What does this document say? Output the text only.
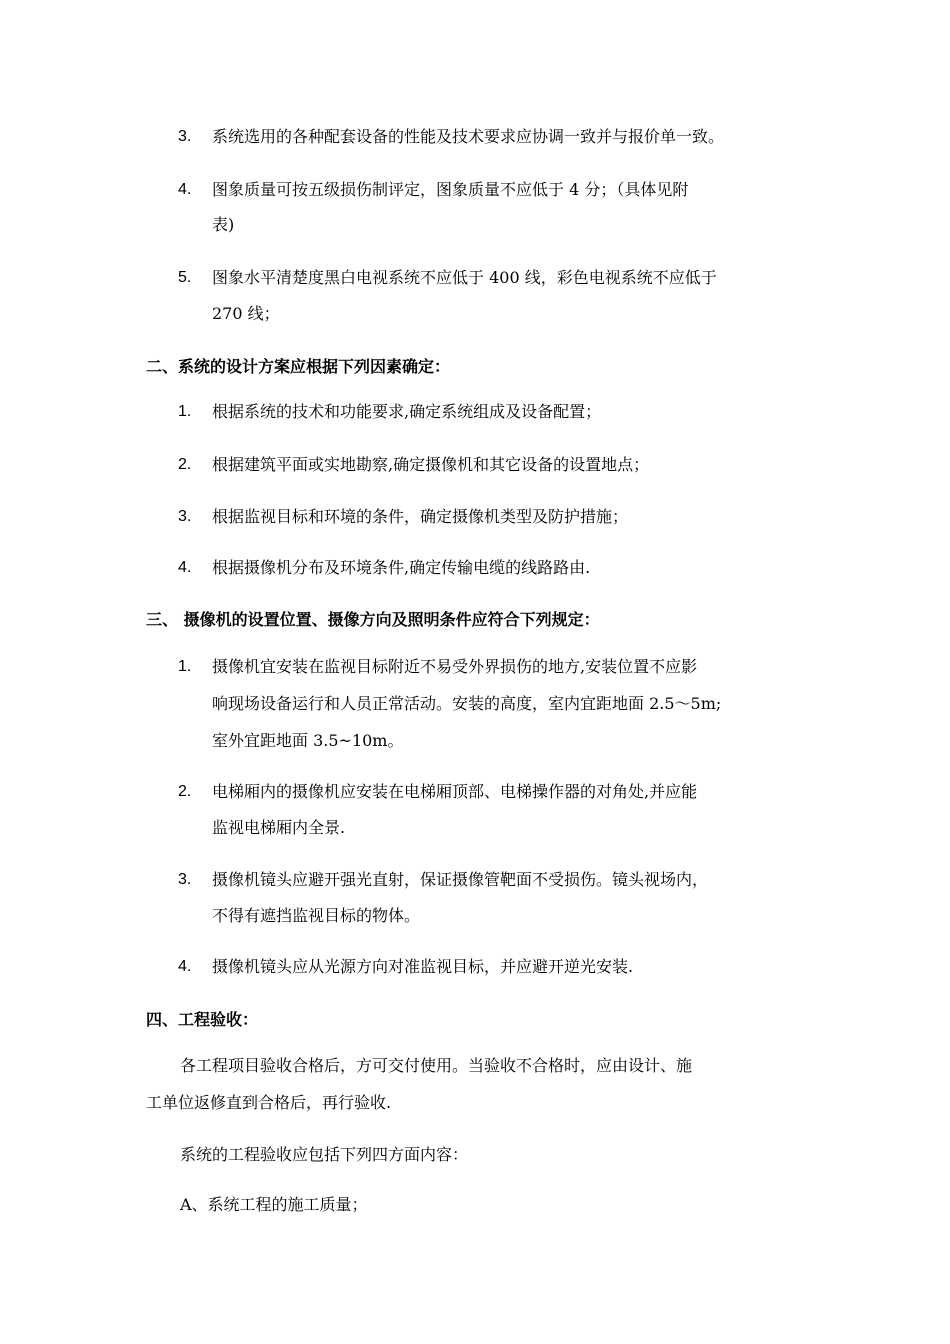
3. 系统选用的各种配套设备的性能及技术要求应协调一致并与报价单一致。
4. 图象质量可按五级损伤制评定，图象质量不应低于 4 分；（具体见附
表)
5. 图象水平清楚度黑白电视系统不应低于 400 线，彩色电视系统不应低于
270 线；
二、系统的设计方案应根据下列因素确定：
1. 根据系统的技术和功能要求,确定系统组成及设备配置；
2. 根据建筑平面或实地勘察,确定摄像机和其它设备的设置地点；
3. 根据监视目标和环境的条件，确定摄像机类型及防护措施；
4. 根据摄像机分布及环境条件,确定传输电缆的线路路由.
三、 摄像机的设置位置、摄像方向及照明条件应符合下列规定：
1. 摄像机宜安装在监视目标附近不易受外界损伤的地方,安装位置不应影
响现场设备运行和人员正常活动。安装的高度，室内宜距地面 2.5～5m;
室外宜距地面 3.5~10m。
2. 电梯厢内的摄像机应安装在电梯厢顶部、电梯操作器的对角处,并应能
监视电梯厢内全景.
3. 摄像机镜头应避开强光直射，保证摄像管靶面不受损伤。镜头视场内，
不得有遮挡监视目标的物体。
4. 摄像机镜头应从光源方向对准监视目标，并应避开逆光安装.
四、工程验收：
各工程项目验收合格后，方可交付使用。当验收不合格时，应由设计、施
工单位返修直到合格后，再行验收.
系统的工程验收应包括下列四方面内容：
A、系统工程的施工质量；
